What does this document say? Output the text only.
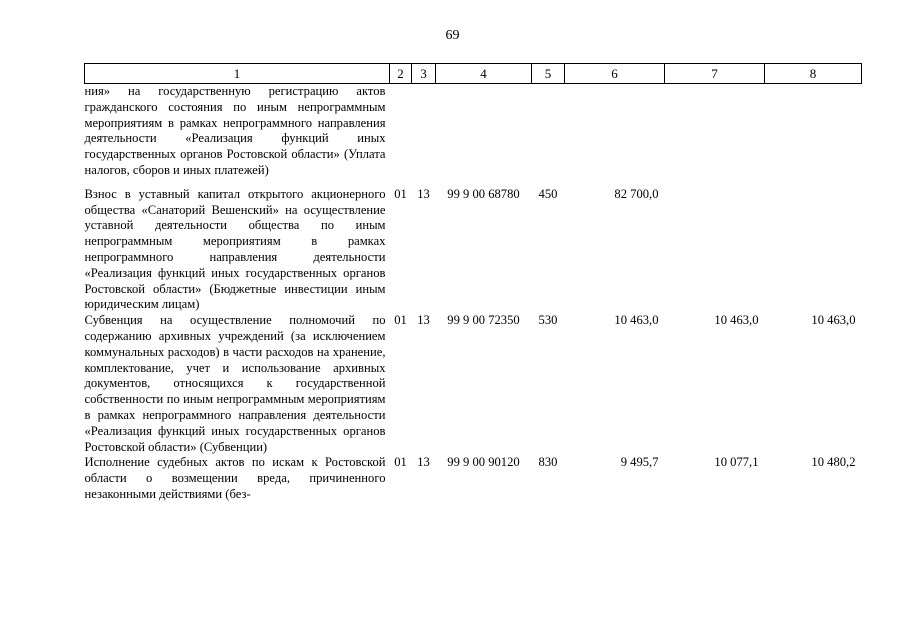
69
1	2	3	4	5	6	7	8
ния» на государственную регистрацию актов гражданского состояния по иным непрограммным мероприятиям в рамках непрограммного направления деятельности «Реализация функций иных государственных органов Ростовской области» (Уплата налогов, сборов и иных платежей)							
Взнос в уставный капитал открытого акционерного общества «Санаторий Вешенский» на осуществление уставной деятельности общества по иным непрограммным мероприятиям в рамках непрограммного направления деятельности «Реализация функций иных государственных органов Ростовской области» (Бюджетные инвестиции иным юридическим лицам)	01	13	99 9 00 68780	450	82 700,0		
Субвенция на осуществление полномочий по содержанию архивных учреждений (за исключением коммунальных расходов) в части расходов на хранение, комплектование, учет и использование архивных документов, относящихся к государственной собственности по иным непрограммным мероприятиям в рамках непрограммного направления деятельности «Реализация функций иных государственных органов Ростовской области» (Субвенции)	01	13	99 9 00 72350	530	10 463,0	10 463,0	10 463,0
Исполнение судебных актов по искам к Ростовской области о возмещении вреда, причиненного незаконными действиями (без-	01	13	99 9 00 90120	830	9 495,7	10 077,1	10 480,2
